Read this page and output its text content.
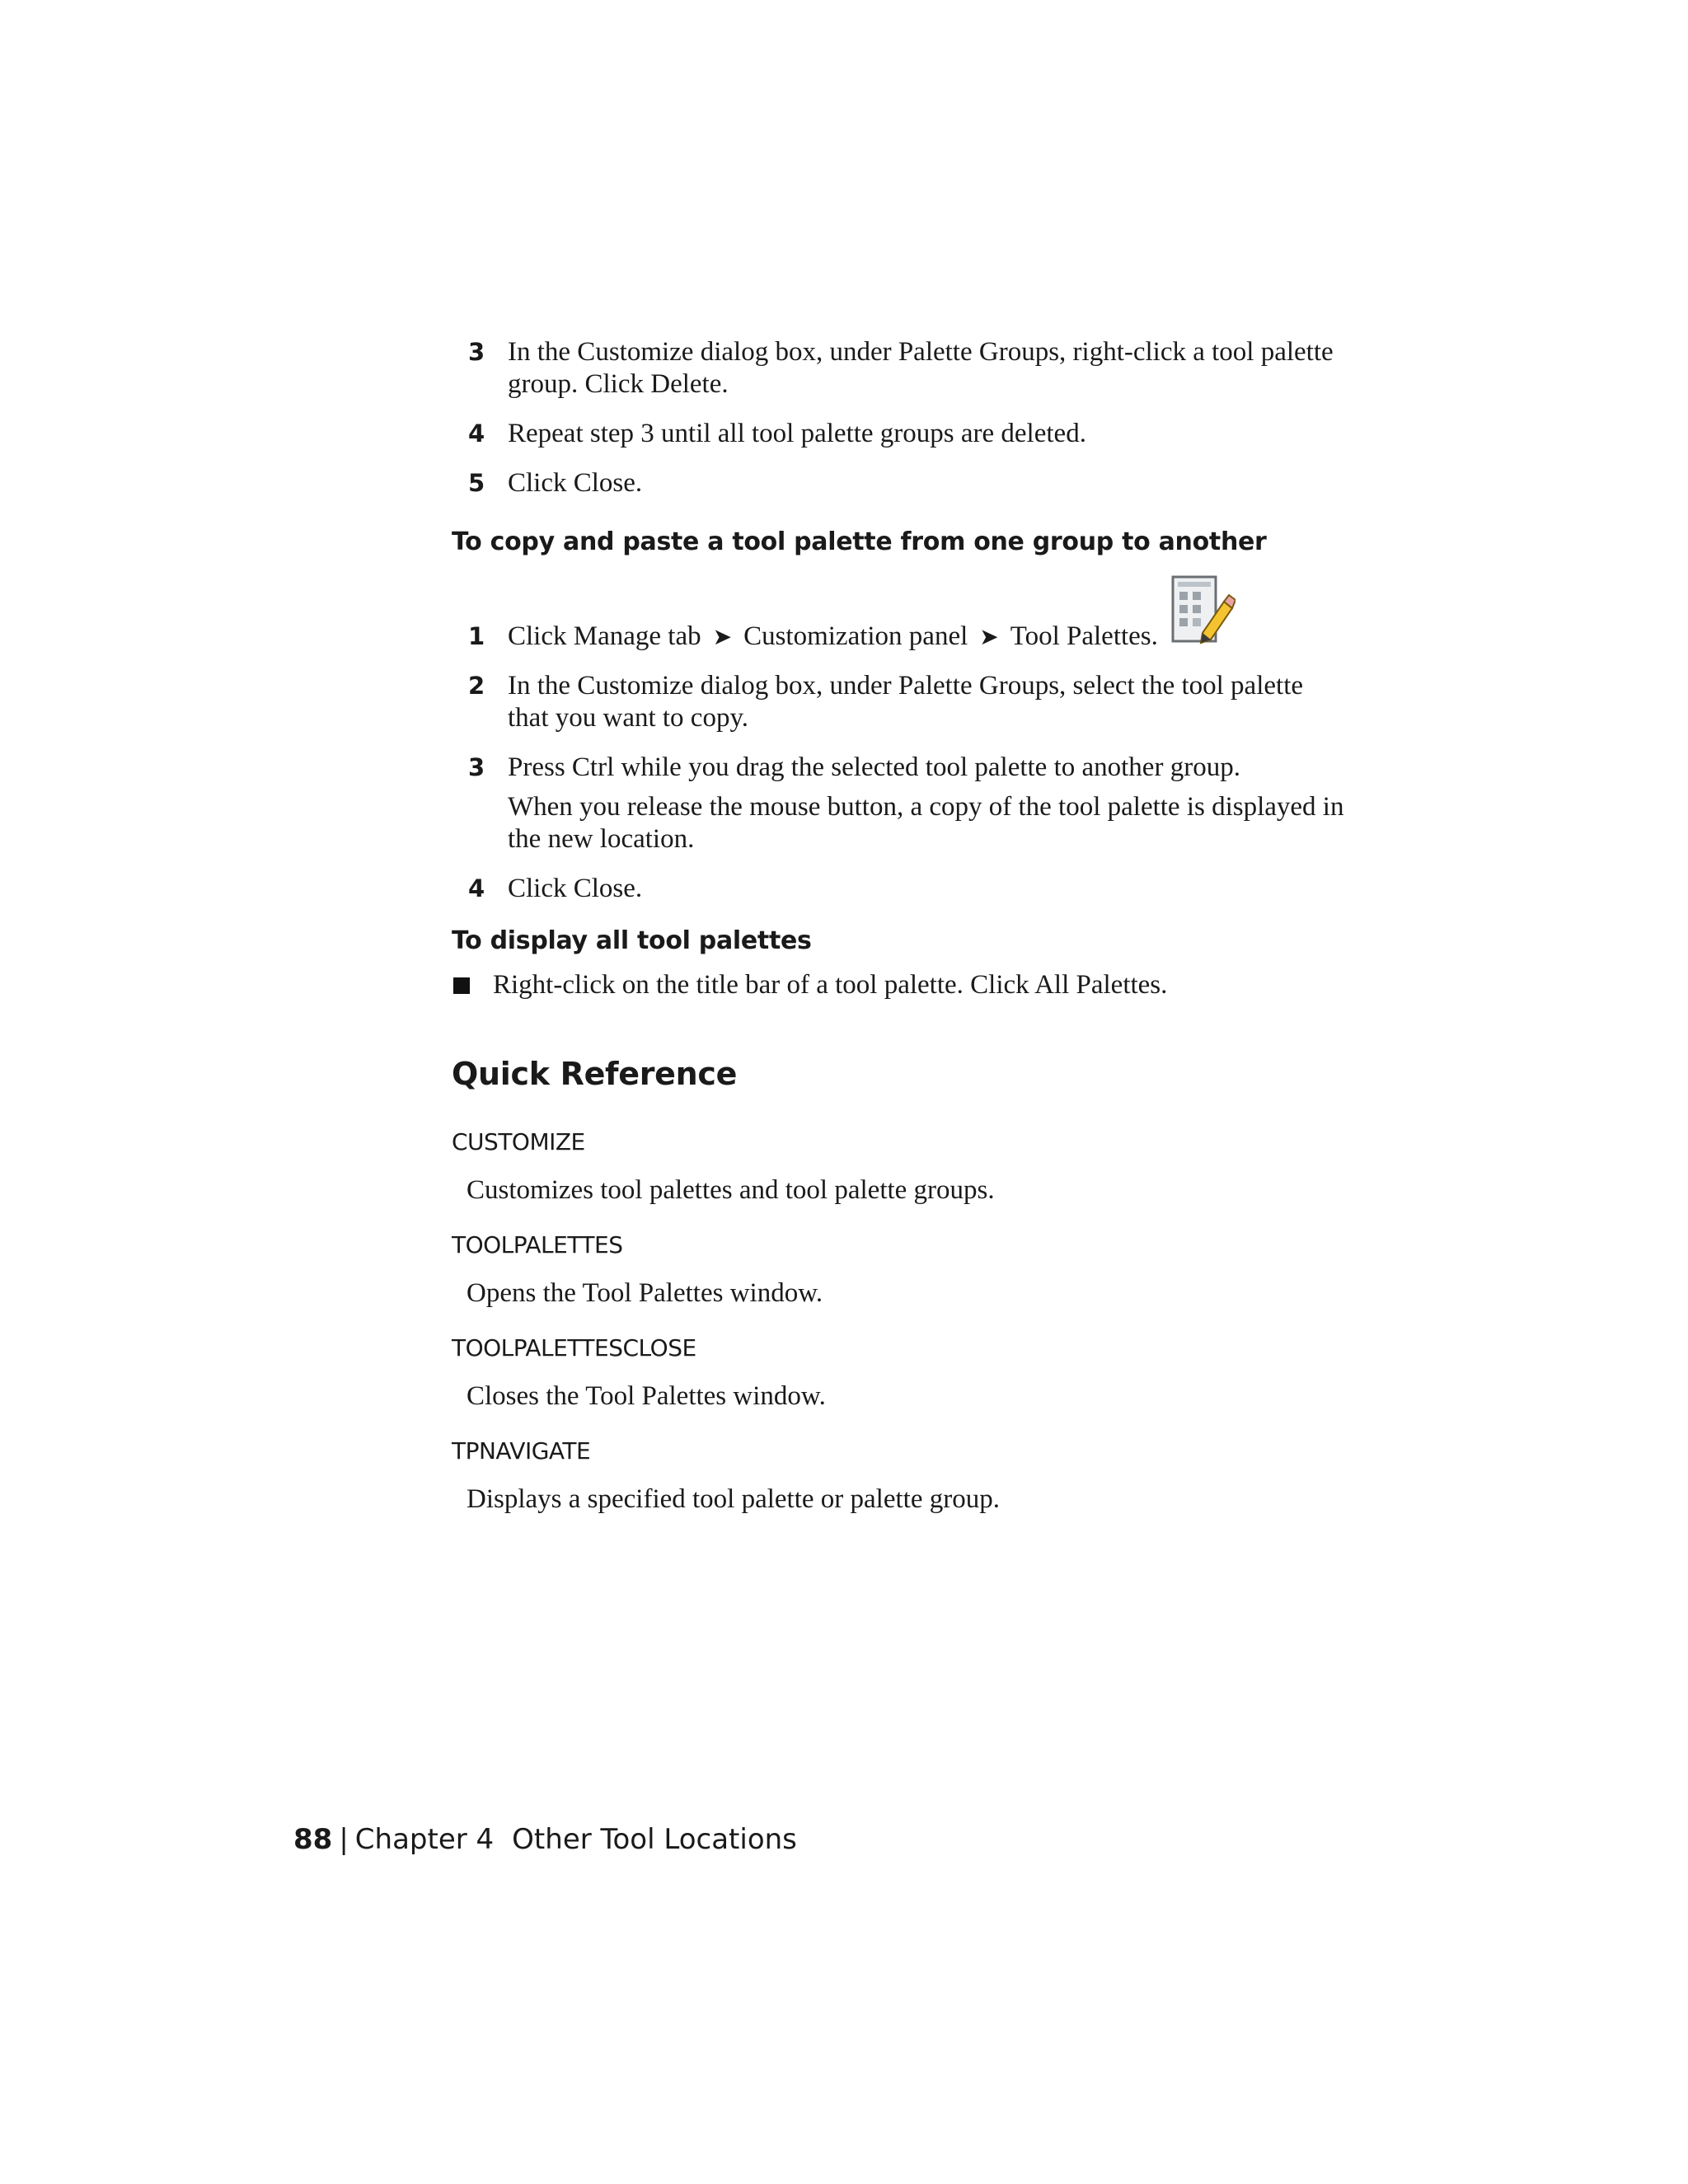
3 In the Customize dialog box, under Palette Groups, right-click a tool palette group. Click Delete.
4 Repeat step 3 until all tool palette groups are deleted.
5 Click Close.
To copy and paste a tool palette from one group to another
1 Click Manage tab ➤ Customization panel ➤ Tool Palettes.
2 In the Customize dialog box, under Palette Groups, select the tool palette that you want to copy.
3 Press Ctrl while you drag the selected tool palette to another group.
When you release the mouse button, a copy of the tool palette is displayed in the new location.
4 Click Close.
To display all tool palettes
Right-click on the title bar of a tool palette. Click All Palettes.
Quick Reference
CUSTOMIZE
Customizes tool palettes and tool palette groups.
TOOLPALETTES
Opens the Tool Palettes window.
TOOLPALETTESCLOSE
Closes the Tool Palettes window.
TPNAVIGATE
Displays a specified tool palette or palette group.
88 | Chapter 4 Other Tool Locations
